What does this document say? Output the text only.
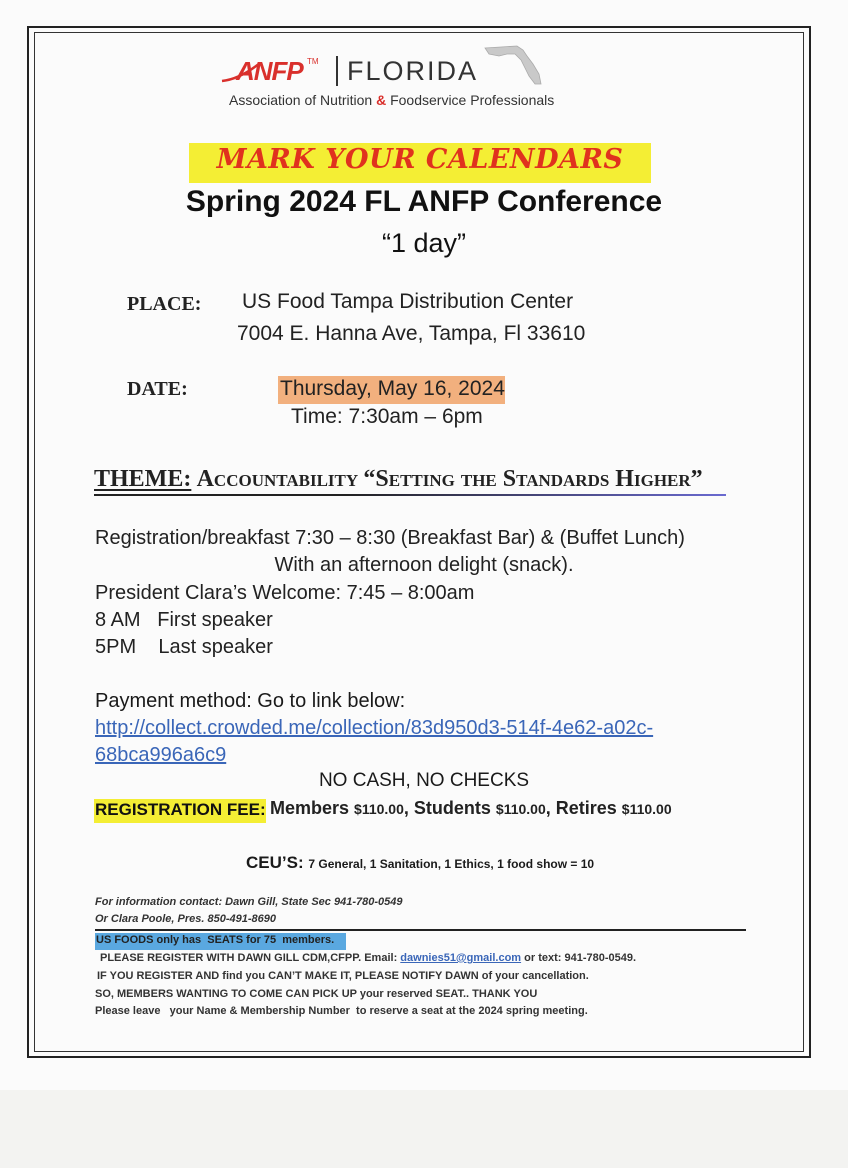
ANFP TM FLORIDA
Association of Nutrition & Foodservice Professionals
MARK YOUR CALENDARS
Spring 2024 FL ANFP Conference
“1 day”
PLACE: US Food Tampa Distribution Center
7004 E. Hanna Ave, Tampa, Fl 33610
DATE:	Thursday, May 16, 2024
Time: 7:30am – 6pm
THEME: Accountability “Setting the Standards Higher”
Registration/breakfast 7:30 – 8:30 (Breakfast Bar) & (Buffet Lunch)
With an afternoon delight (snack).
President Clara’s Welcome: 7:45 – 8:00am
8 AM   First speaker
5PM    Last speaker
Payment method: Go to link below:
http://collect.crowded.me/collection/83d950d3-514f-4e62-a02c-
68bca996a6c9
NO CASH, NO CHECKS
REGISTRATION FEE: Members $110.00, Students $110.00, Retires $110.00
CEU’S: 7 General, 1 Sanitation, 1 Ethics, 1 food show = 10
For information contact: Dawn Gill, State Sec 941-780-0549
Or Clara Poole, Pres. 850-491-8690
US FOODS only has  SEATS for 75  members.
PLEASE REGISTER WITH DAWN GILL CDM,CFPP. Email: dawnies51@gmail.com or text: 941-780-0549.
IF YOU REGISTER AND find you CAN’T MAKE IT, PLEASE NOTIFY DAWN of your cancellation.
SO, MEMBERS WANTING TO COME CAN PICK UP your reserved SEAT.. THANK YOU
Please leave   your Name & Membership Number  to reserve a seat at the 2024 spring meeting.
